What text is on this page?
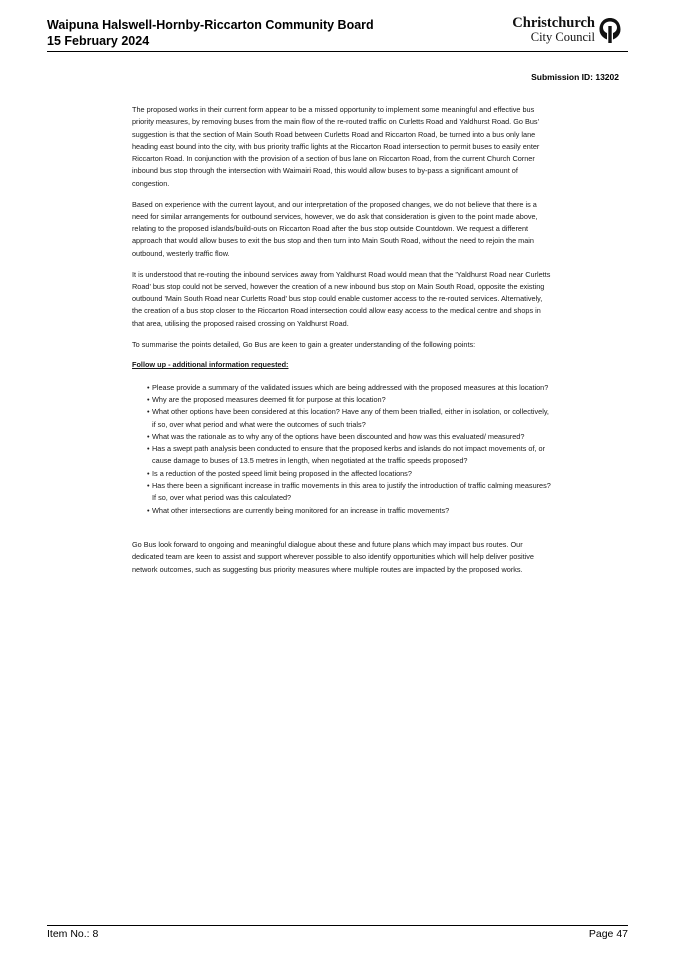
Waipuna Halswell-Hornby-Riccarton Community Board
15 February 2024
Christchurch
City Council
Submission ID: 13202

The proposed works in their current form appear to be a missed opportunity to implement some meaningful and effective bus priority measures, by removing buses from the main flow of the re-routed traffic on Curletts Road and Yaldhurst Road. Go Bus' suggestion is that the section of Main South Road between Curletts Road and Riccarton Road, be turned into a bus only lane heading east bound into the city, with bus priority traffic lights at the Riccarton Road intersection to permit buses to easily enter Riccarton Road. In conjunction with the provision of a section of bus lane on Riccarton Road, from the current Church Corner inbound bus stop through the intersection with Waimairi Road, this would allow buses to by-pass a significant amount of congestion.

Based on experience with the current layout, and our interpretation of the proposed changes, we do not believe that there is a need for similar arrangements for outbound services, however, we do ask that consideration is given to the point made above, relating to the proposed islands/build-outs on Riccarton Road after the bus stop outside Countdown. We request a different approach that would allow buses to exit the bus stop and then turn into Main South Road, without the need to rejoin the main outbound, westerly traffic flow.

It is understood that re-routing the inbound services away from Yaldhurst Road would mean that the 'Yaldhurst Road near Curletts Road' bus stop could not be served, however the creation of a new inbound bus stop on Main South Road, opposite the existing outbound 'Main South Road near Curletts Road' bus stop could enable customer access to the re-routed services. Alternatively, the creation of a bus stop closer to the Riccarton Road intersection could allow easy access to the medical centre and shops in that area, utilising the proposed raised crossing on Yaldhurst Road.

To summarise the points detailed, Go Bus are keen to gain a greater understanding of the following points:

Follow up - additional information requested:

• Please provide a summary of the validated issues which are being addressed with the proposed measures at this location?
• Why are the proposed measures deemed fit for purpose at this location?
• What other options have been considered at this location? Have any of them been trialled, either in isolation, or collectively, if so, over what period and what were the outcomes of such trials?
• What was the rationale as to why any of the options have been discounted and how was this evaluated/ measured?
• Has a swept path analysis been conducted to ensure that the proposed kerbs and islands do not impact movements of, or cause damage to buses of 13.5 metres in length, when negotiated at the traffic speeds proposed?
• Is a reduction of the posted speed limit being proposed in the affected locations?
• Has there been a significant increase in traffic movements in this area to justify the introduction of traffic calming measures? If so, over what period was this calculated?
• What other intersections are currently being monitored for an increase in traffic movements?

Go Bus look forward to ongoing and meaningful dialogue about these and future plans which may impact bus routes. Our dedicated team are keen to assist and support wherever possible to also identify opportunities which will help deliver positive network outcomes, such as suggesting bus priority measures where multiple routes are impacted by the proposed works.

Item No.: 8	Page 47
